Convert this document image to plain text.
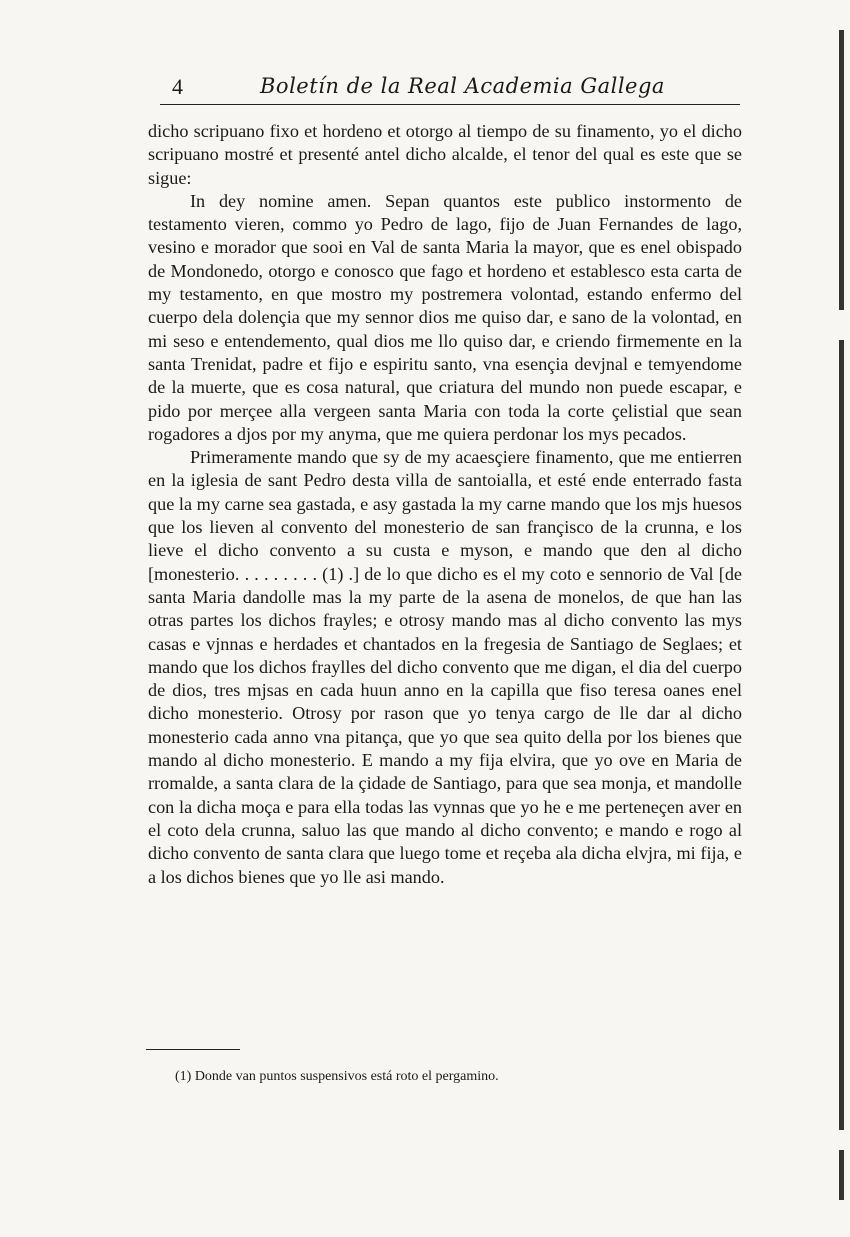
4	Boletín de la Real Academia Gallega

dicho scripuano fixo et hordeno et otorgo al tiempo de su finamento, yo el dicho scripuano mostré et presenté antel dicho alcalde, el tenor del qual es este que se sigue:

In dey nomine amen. Sepan quantos este publico instormento de testamento vieren, commo yo Pedro de lago, fijo de Juan Fernandes de lago, vesino e morador que sooi en Val de santa Maria la mayor, que es enel obispado de Mondonedo, otorgo e conosco que fago et hordeno et establesco esta carta de my testamento, en que mostro my postremera volontad, estando enfermo del cuerpo dela dolençia que my sennor dios me quiso dar, e sano de la volontad, en mi seso e entendemento, qual dios me llo quiso dar, e criendo firmemente en la santa Trenidat, padre et fijo e espiritu santo, vna esençia devjnal e temyendome de la muerte, que es cosa natural, que criatura del mundo non puede escapar, e pido por merçee alla vergeen santa Maria con toda la corte çelistial que sean rogadores a djos por my anyma, que me quiera perdonar los mys pecados.

Primeramente mando que sy de my acaesçiere finamento, que me entierren en la iglesia de sant Pedro desta villa de santoialla, et esté ende enterrado fasta que la my carne sea gastada, e asy gastada la my carne mando que los mjs huesos que los lieven al convento del monesterio de san françisco de la crunna, e los lieve el dicho convento a su custa e myson, e mando que den al dicho [monesterio. . . . . . . . . (1) .] de lo que dicho es el my coto e sennorio de Val [de santa Maria dandolle mas la my parte de la asena de monelos, de que han las otras partes los dichos frayles; e otrosy mando mas al dicho convento las mys casas e vjnnas e herdades et chantados en la fregesia de Santiago de Seglaes; et mando que los dichos fraylles del dicho convento que me digan, el dia del cuerpo de dios, tres mjsas en cada huun anno en la capilla que fiso teresa oanes enel dicho monesterio. Otrosy por rason que yo tenya cargo de lle dar al dicho monesterio cada anno vna pitança, que yo que sea quito della por los bienes que mando al dicho monesterio. E mando a my fija elvira, que yo ove en Maria de rromalde, a santa clara de la çidade de Santiago, para que sea monja, et mandolle con la dicha moça e para ella todas las vynnas que yo he e me perteneçen aver en el coto dela crunna, saluo las que mando al dicho convento; e mando e rogo al dicho convento de santa clara que luego tome et reçeba ala dicha elvjra, mi fija, e a los dichos bienes que yo lle asi mando.

(1) Donde van puntos suspensivos está roto el pergamino.
